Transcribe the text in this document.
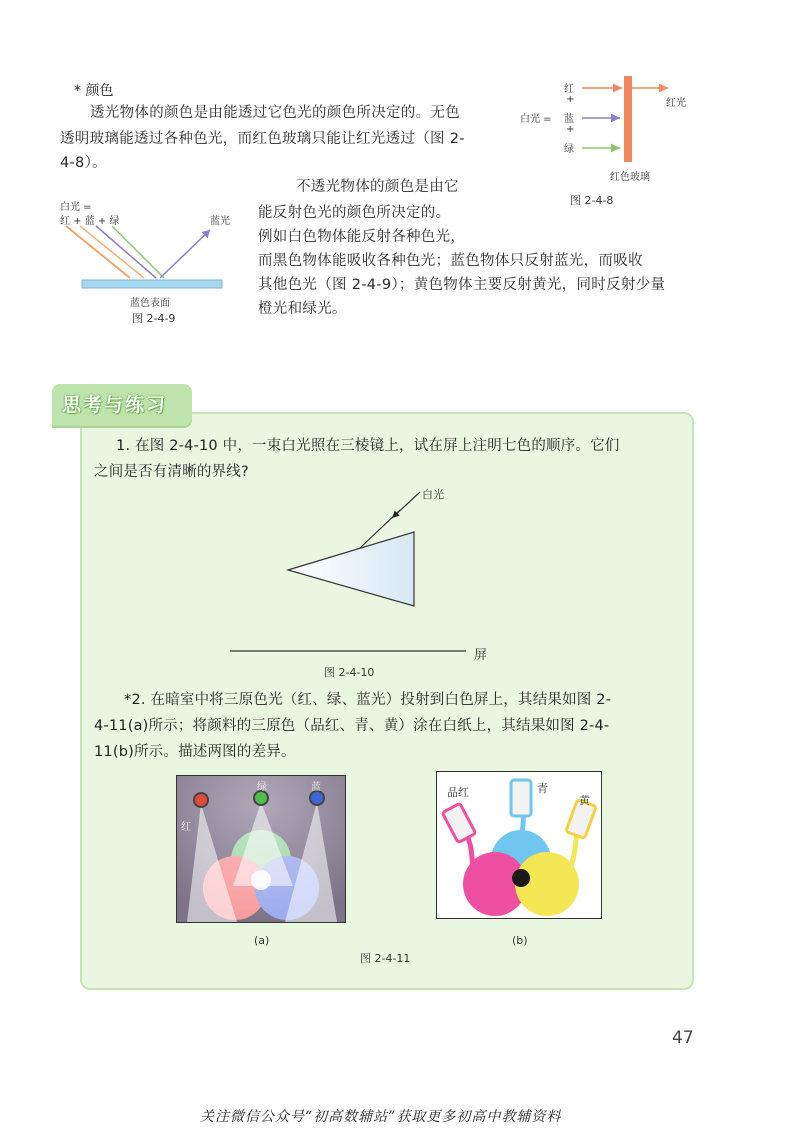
* 颜色
透光物体的颜色是由能透过它色光的颜色所决定的。无色
透明玻璃能透过各种色光，而红色玻璃只能让红光透过（图 2-
4-8）。
不透光物体的颜色是由它
能反射色光的颜色所决定的。
例如白色物体能反射各种色光，
而黑色物体能吸收各种色光；蓝色物体只反射蓝光，而吸收
其他色光（图 2-4-9）；黄色物体主要反射黄光，同时反射少量
橙光和绿光。
红
+
蓝
+
绿
白光 =
红光
红色玻璃
图 2-4-8
白光 =
红 + 蓝 + 绿	蓝光
蓝色表面
图 2-4-9
思考与练习
1. 在图 2-4-10 中，一束白光照在三棱镜上，试在屏上注明七色的顺序。它们
之间是否有清晰的界线?
白光
屏
图 2-4-10
*2. 在暗室中将三原色光（红、绿、蓝光）投射到白色屏上，其结果如图 2-
4-11(a)所示；将颜料的三原色（品红、青、黄）涂在白纸上，其结果如图 2-4-
11(b)所示。描述两图的差异。
红
绿	蓝
(a)
品红	青
黄
(b)
图 2-4-11
47
关注微信公众号“初高数辅站”获取更多初高中教辅资料
